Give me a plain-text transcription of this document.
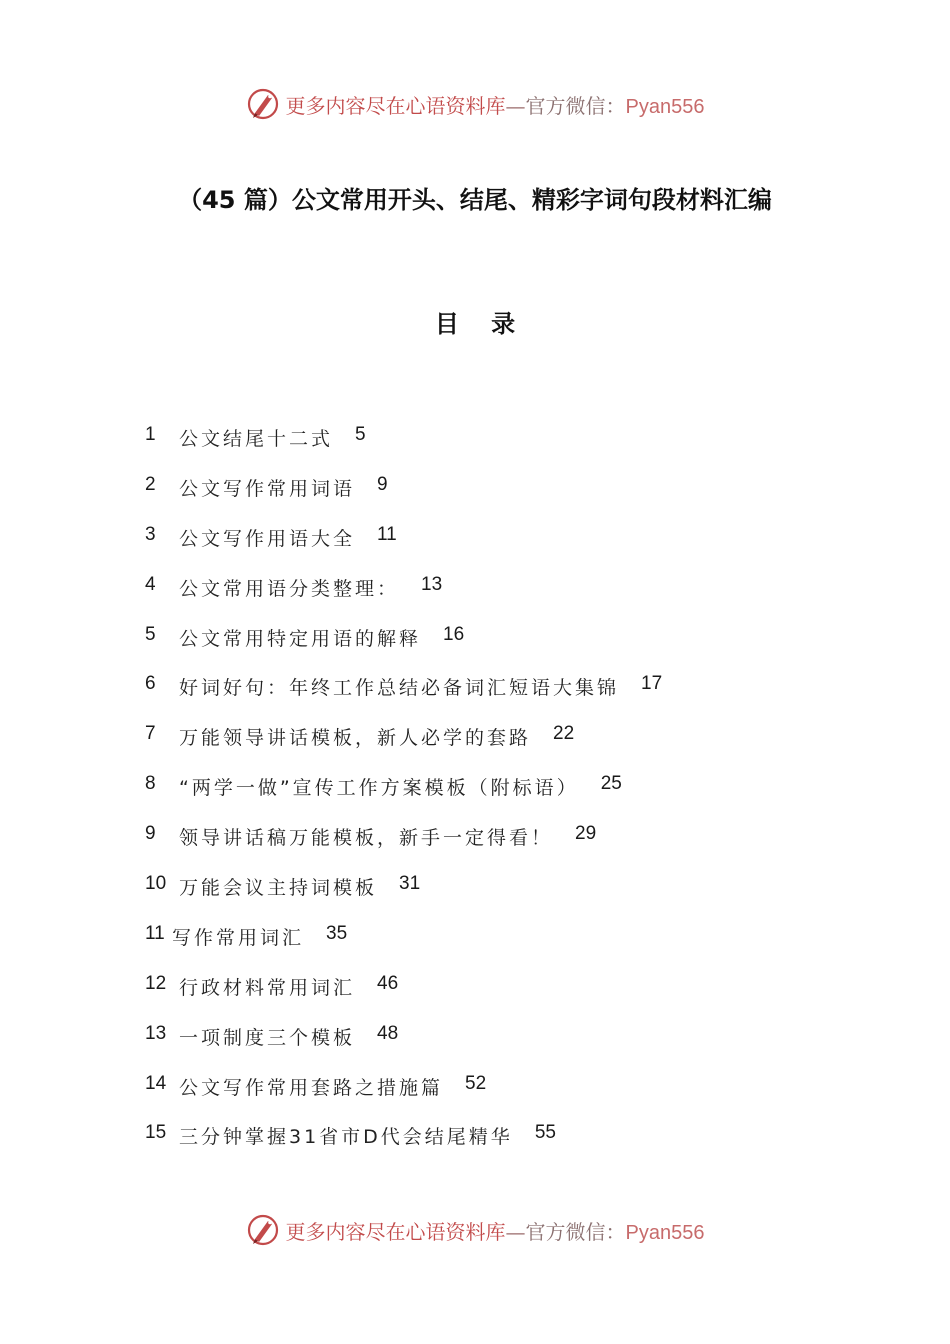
更多内容尽在心语资料库—官方微信：Pyan556
（45 篇）公文常用开头、结尾、精彩字词句段材料汇编
目 录
1	公文结尾十二式 5
2	公文写作常用词语 9
3	公文写作用语大全 11
4	公文常用语分类整理： 13
5	公文常用特定用语的解释 16
6	好词好句：年终工作总结必备词汇短语大集锦 17
7	万能领导讲话模板，新人必学的套路 22
8	“两学一做”宣传工作方案模板（附标语） 25
9	领导讲话稿万能模板，新手一定得看！ 29
10 万能会议主持词模板 31
11 写作常用词汇 35
12 行政材料常用词汇 46
13 一项制度三个模板 48
14 公文写作常用套路之措施篇 52
15 三分钟掌握31省市D代会结尾精华 55
更多内容尽在心语资料库—官方微信：Pyan556
